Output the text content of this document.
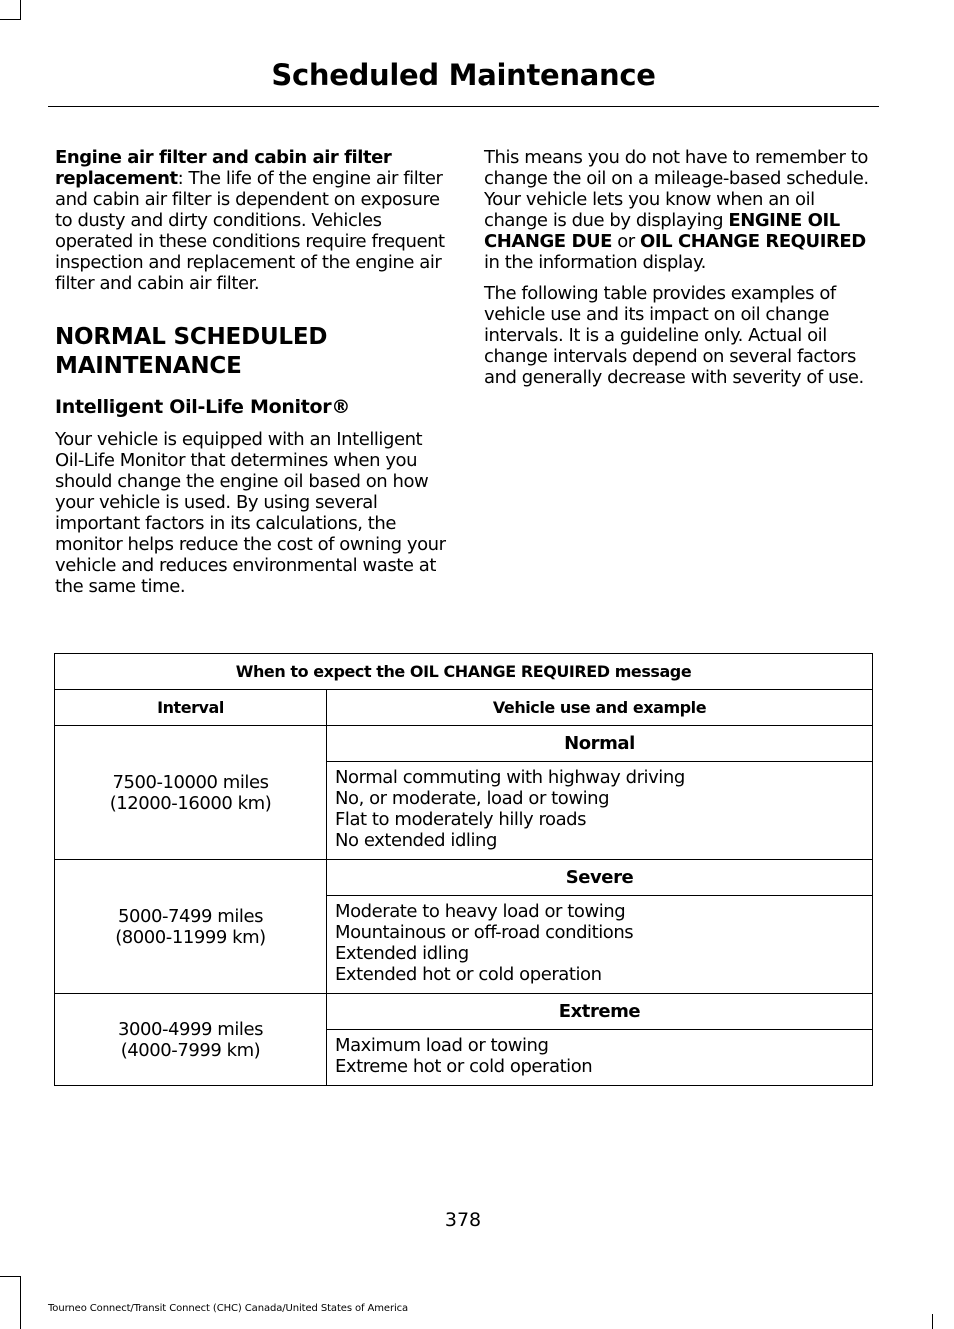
Scheduled Maintenance

Engine air filter and cabin air filter replacement: The life of the engine air filter and cabin air filter is dependent on exposure to dusty and dirty conditions. Vehicles operated in these conditions require frequent inspection and replacement of the engine air filter and cabin air filter.

NORMAL SCHEDULED MAINTENANCE
Intelligent Oil-Life Monitor®

Your vehicle is equipped with an Intelligent Oil-Life Monitor that determines when you should change the engine oil based on how your vehicle is used. By using several important factors in its calculations, the monitor helps reduce the cost of owning your vehicle and reduces environmental waste at the same time.

This means you do not have to remember to change the oil on a mileage-based schedule. Your vehicle lets you know when an oil change is due by displaying ENGINE OIL CHANGE DUE or OIL CHANGE REQUIRED in the information display.

The following table provides examples of vehicle use and its impact on oil change intervals. It is a guideline only. Actual oil change intervals depend on several factors and generally decrease with severity of use.

When to expect the OIL CHANGE REQUIRED message	
Interval	Vehicle use and example

7500-10000 miles
(12000-16000 km)	Normal

	Normal commuting with highway driving
No, or moderate, load or towing
Flat to moderately hilly roads
No extended idling

5000-7499 miles
(8000-11999 km)	Severe

	Moderate to heavy load or towing
Mountainous or off-road conditions
Extended idling
Extended hot or cold operation

3000-4999 miles
(4000-7999 km)	Extreme

	Maximum load or towing
Extreme hot or cold operation
378
Tourneo Connect/Transit Connect (CHC) Canada/United States of America
